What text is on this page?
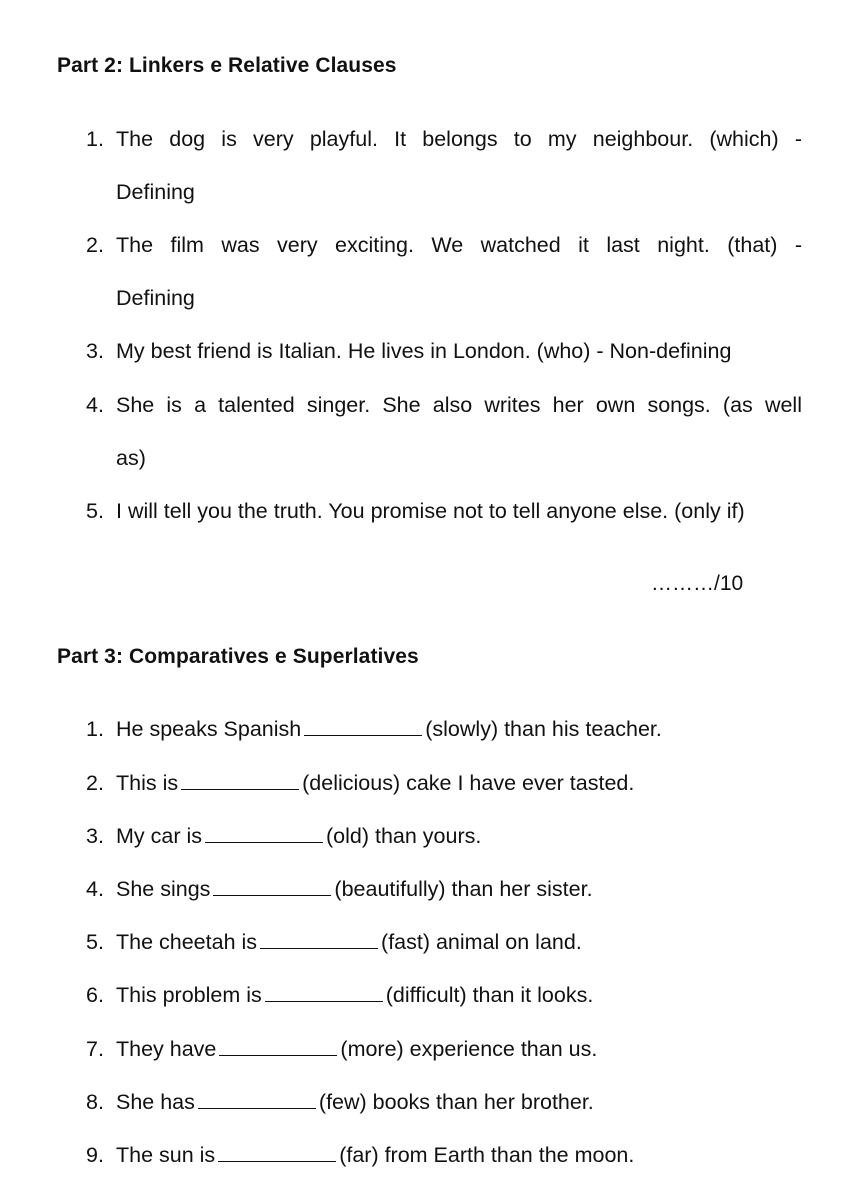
Part 2: Linkers e Relative Clauses
1. The dog is very playful. It belongs to my neighbour. (which) -
Defining
2. The film was very exciting. We watched it last night. (that) -
Defining
3. My best friend is Italian. He lives in London. (who) - Non-defining
4. She is a talented singer. She also writes her own songs. (as well
as)
5. I will tell you the truth. You promise not to tell anyone else. (only if)
………/10
Part 3: Comparatives e Superlatives
1. He speaks Spanish	(slowly) than his teacher.
2. This is	(delicious) cake I have ever tasted.
3. My car is	(old) than yours.
4. She sings	(beautifully) than her sister.
5. The cheetah is	(fast) animal on land.
6. This problem is	(difficult) than it looks.
7. They have	(more) experience than us.
8. She has	(few) books than her brother.
9. The sun is	(far) from Earth than the moon.
